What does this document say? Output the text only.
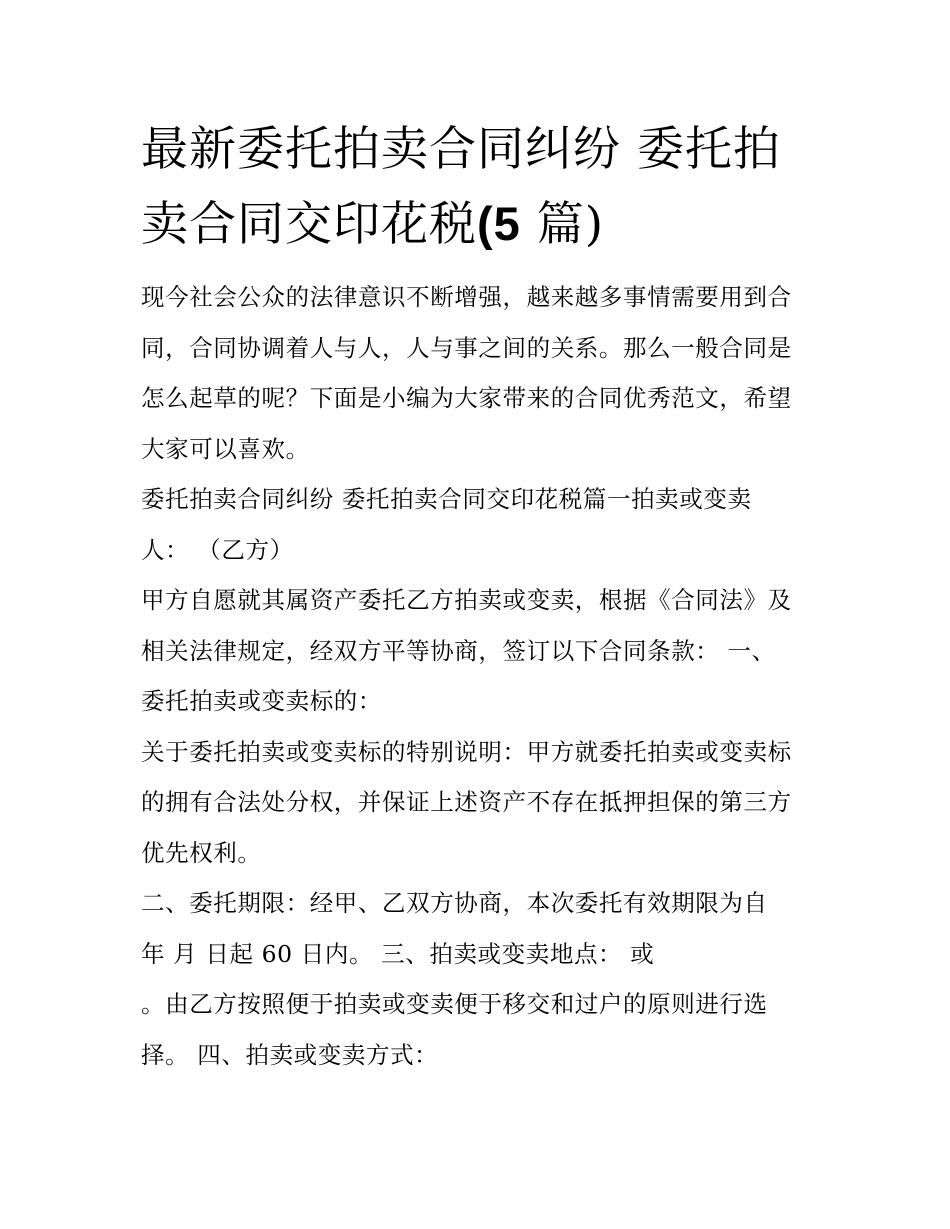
最新委托拍卖合同纠纷 委托拍
卖合同交印花税(5 篇)
现今社会公众的法律意识不断增强，越来越多事情需要用到合
同，合同协调着人与人，人与事之间的关系。那么一般合同是
怎么起草的呢？下面是小编为大家带来的合同优秀范文，希望
大家可以喜欢。
委托拍卖合同纠纷 委托拍卖合同交印花税篇一拍卖或变卖
人： （乙方）
甲方自愿就其属资产委托乙方拍卖或变卖，根据《合同法》及
相关法律规定，经双方平等协商，签订以下合同条款： 一、
委托拍卖或变卖标的：
关于委托拍卖或变卖标的特别说明：甲方就委托拍卖或变卖标
的拥有合法处分权，并保证上述资产不存在抵押担保的第三方
优先权利。
二、委托期限：经甲、乙双方协商，本次委托有效期限为自
年 月 日起 60 日内。 三、拍卖或变卖地点： 或
。由乙方按照便于拍卖或变卖便于移交和过户的原则进行选
择。 四、拍卖或变卖方式：
